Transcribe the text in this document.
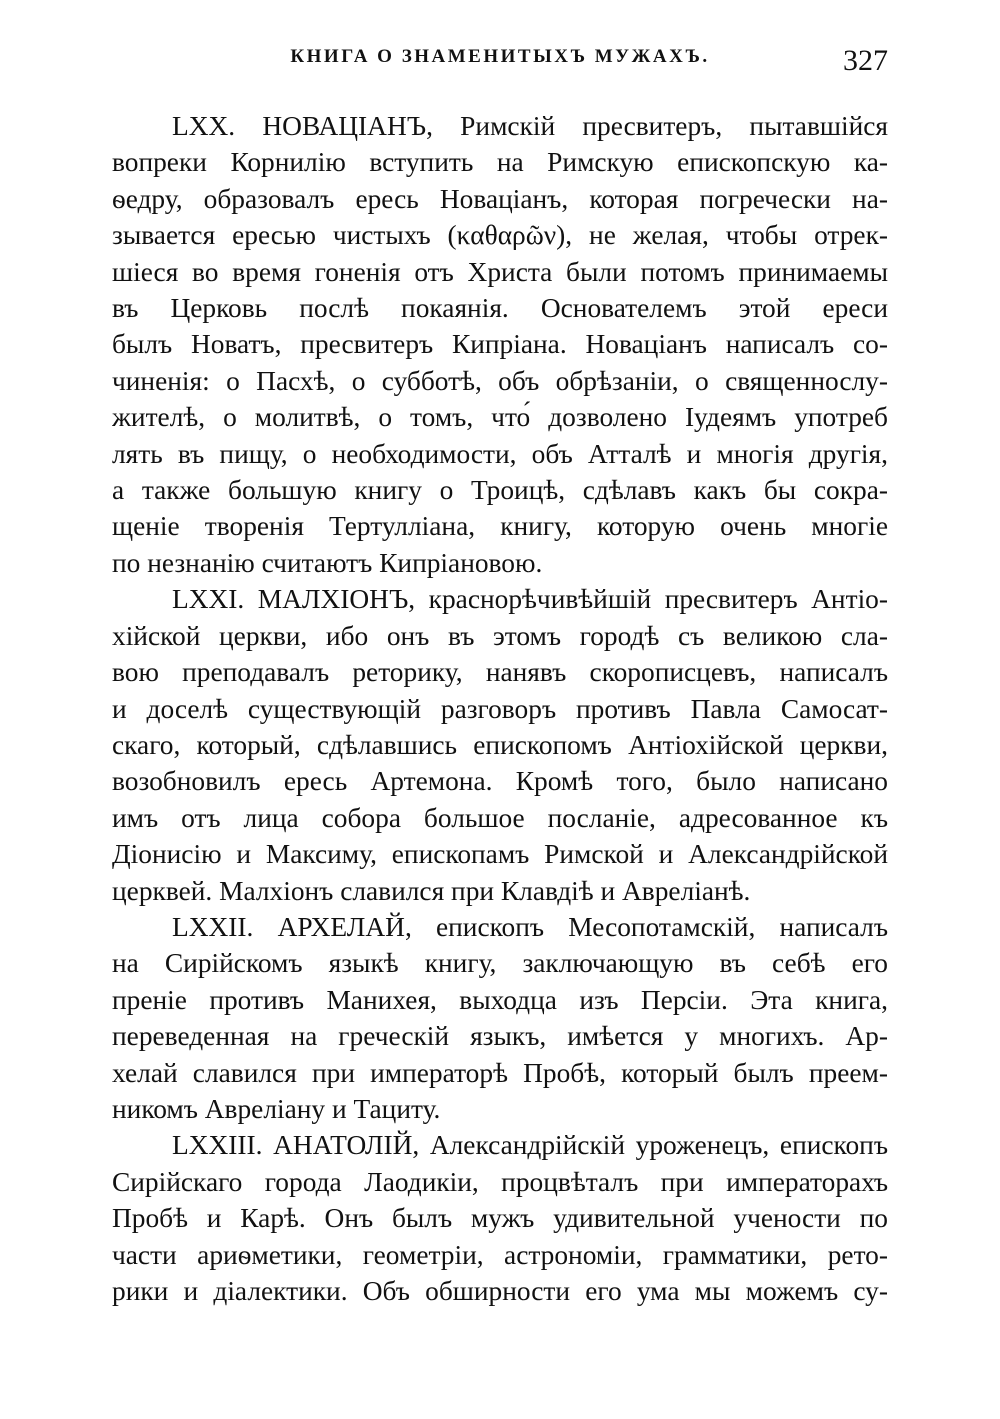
КНИГА О ЗНАМЕНИТЫХЪ МУЖАХЪ.	327

LXX. НОВАЦІАНЪ, Римскій пресвитеръ, пытавшійся
вопреки Корнилію вступить на Римскую епископскую ка-
ѳедру, образовалъ ересь Новаціанъ, которая погречески на-
зывается ересью чистыхъ (καθαρῶν), не желая, чтобы отрек-
шіеся во время гоненія отъ Христа были потомъ принимаемы
въ Церковь послѣ покаянія. Основателемъ этой ереси
былъ Новатъ, пресвитеръ Кипріана. Новаціанъ написалъ со-
чиненія: о Пасхѣ, о субботѣ, объ обрѣзаніи, о священнослу-
жителѣ, о молитвѣ, о томъ, что́ дозволено Іудеямъ употреб
лять въ пищу, о необходимости, объ Атталѣ и многія другія,
а также большую книгу о Троицѣ, сдѣлавъ какъ бы сокра-
щеніе творенія Тертулліана, книгу, которую очень многіе
по незнанію считаютъ Кипріановою.

LXXI. МАЛХІОНЪ, краснорѣчивѣйшій пресвитеръ Антіо-
хійской церкви, ибо онъ въ этомъ городѣ съ великою сла-
вою преподавалъ реторику, нанявъ скорописцевъ, написалъ
и доселѣ существующій разговоръ противъ Павла Самосат-
скаго, который, сдѣлавшись епископомъ Антіохійской церкви,
возобновилъ ересь Артемона. Кромѣ того, было написано
имъ отъ лица собора большое посланіе, адресованное къ
Діонисію и Максиму, епископамъ Римской и Александрійской
церквей. Малхіонъ славился при Клавдіѣ и Авреліанѣ.

LXXII. АРХЕЛАЙ, епископъ Месопотамскій, написалъ
на Сирійскомъ языкѣ книгу, заключающую въ себѣ его
преніе противъ Манихея, выходца изъ Персіи. Эта книга,
переведенная на греческій языкъ, имѣется у многихъ. Ар-
хелай славился при императорѣ Пробѣ, который былъ преем-
никомъ Авреліану и Тациту.

LXXIII. АНАТОЛІЙ, Александрійскій уроженецъ, епископъ
Сирійскаго города Лаодикіи, процвѣталъ при императорахъ
Пробѣ и Карѣ. Онъ былъ мужъ удивительной учености по
части ариѳметики, геометріи, астрономіи, грамматики, рето-
рики и діалектики. Объ обширности его ума мы можемъ су-
